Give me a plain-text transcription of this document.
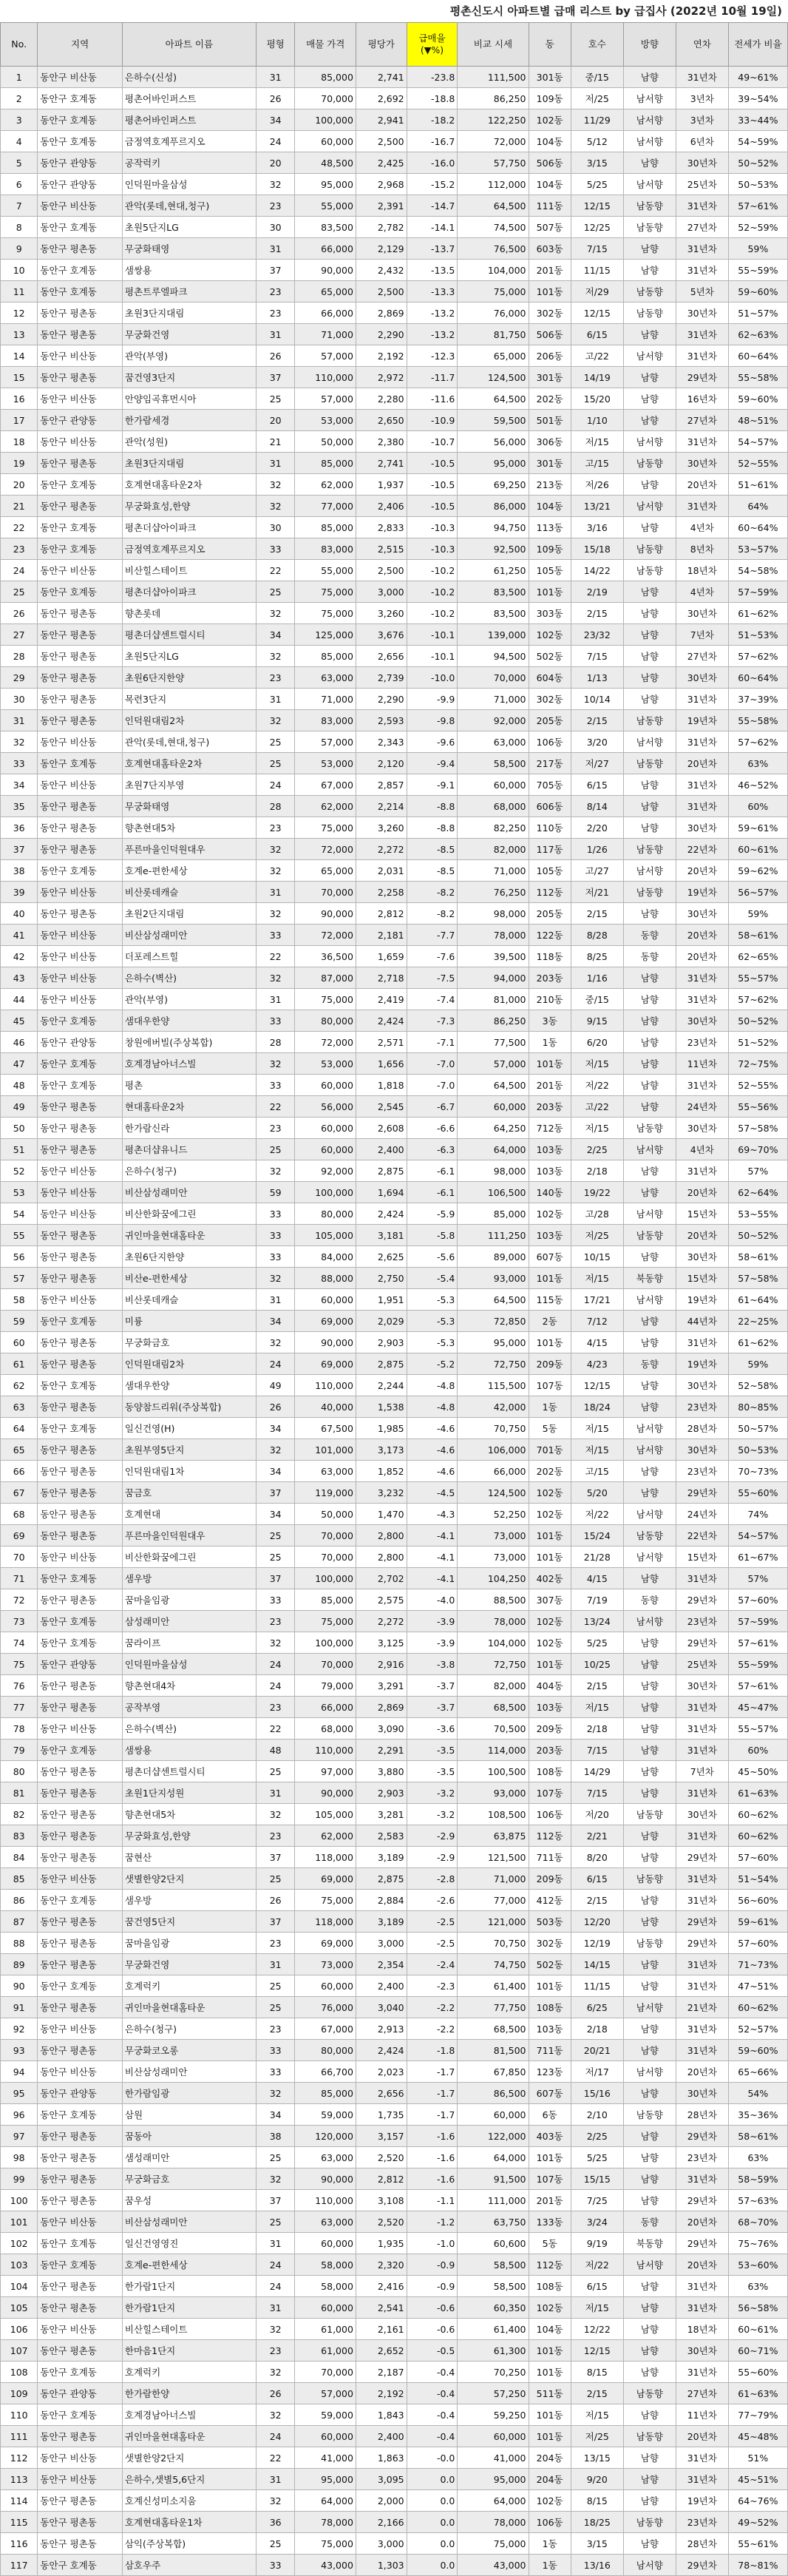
평촌신도시 아파트별 급매 리스트 by 급집사 (2022년 10월 19일)
No.	지역	아파트 이름	평형	매물 가격	평당가	급매율 (▼%)	비교 시세	동	호수	방향	연차	전세가 비율
1	동안구 비산동	은하수(신성)	31	85,000	2,741	-23.8	111,500	301동	중/15	남향	31년차	49~61%
2	동안구 호계동	평촌어바인퍼스트	26	70,000	2,692	-18.8	86,250	109동	저/25	남서향	3년차	39~54%
3	동안구 호계동	평촌어바인퍼스트	34	100,000	2,941	-18.2	122,250	102동	11/29	남서향	3년차	33~44%
4	동안구 호계동	금정역호계푸르지오	24	60,000	2,500	-16.7	72,000	104동	5/12	남서향	6년차	54~59%
5	동안구 관양동	공작럭키	20	48,500	2,425	-16.0	57,750	506동	3/15	남향	30년차	50~52%
6	동안구 관양동	인덕원마을삼성	32	95,000	2,968	-15.2	112,000	104동	5/25	남서향	25년차	50~53%
7	동안구 비산동	관악(롯데,현대,청구)	23	55,000	2,391	-14.7	64,500	111동	12/15	남동향	31년차	57~61%
8	동안구 호계동	초원5단지LG	30	83,500	2,782	-14.1	74,500	507동	12/25	남동향	27년차	52~59%
9	동안구 평촌동	무궁화태영	31	66,000	2,129	-13.7	76,500	603동	7/15	남향	31년차	59%
10	동안구 호계동	샘쌍용	37	90,000	2,432	-13.5	104,000	201동	11/15	남향	31년차	55~59%
11	동안구 호계동	평촌트루엘파크	23	65,000	2,500	-13.3	75,000	101동	저/29	남동향	5년차	59~60%
12	동안구 평촌동	초원3단지대림	23	66,000	2,869	-13.2	76,000	302동	12/15	남동향	30년차	51~57%
13	동안구 평촌동	무궁화건영	31	71,000	2,290	-13.2	81,750	506동	6/15	남향	31년차	62~63%
14	동안구 비산동	관악(부영)	26	57,000	2,192	-12.3	65,000	206동	고/22	남서향	31년차	60~64%
15	동안구 평촌동	꿈건영3단지	37	110,000	2,972	-11.7	124,500	301동	14/19	남향	29년차	55~58%
16	동안구 비산동	안양임곡휴먼시아	25	57,000	2,280	-11.6	64,500	202동	15/20	남향	16년차	59~60%
17	동안구 관양동	한가람세경	20	53,000	2,650	-10.9	59,500	501동	1/10	남향	27년차	48~51%
18	동안구 비산동	관악(성원)	21	50,000	2,380	-10.7	56,000	306동	저/15	남서향	31년차	54~57%
19	동안구 평촌동	초원3단지대림	31	85,000	2,741	-10.5	95,000	301동	고/15	남동향	30년차	52~55%
20	동안구 호계동	호계현대홈타운2차	32	62,000	1,937	-10.5	69,250	213동	저/26	남향	20년차	51~61%
21	동안구 평촌동	무궁화효성,한양	32	77,000	2,406	-10.5	86,000	104동	13/21	남서향	31년차	64%
22	동안구 호계동	평촌더샵아이파크	30	85,000	2,833	-10.3	94,750	113동	3/16	남향	4년차	60~64%
23	동안구 호계동	금정역호계푸르지오	33	83,000	2,515	-10.3	92,500	109동	15/18	남동향	8년차	53~57%
24	동안구 비산동	비산힐스테이트	22	55,000	2,500	-10.2	61,250	105동	14/22	남동향	18년차	54~58%
25	동안구 호계동	평촌더샵아이파크	25	75,000	3,000	-10.2	83,500	101동	2/19	남향	4년차	57~59%
26	동안구 평촌동	향촌롯데	32	75,000	3,260	-10.2	83,500	303동	2/15	남향	30년차	61~62%
27	동안구 평촌동	평촌더샵센트럴시티	34	125,000	3,676	-10.1	139,000	102동	23/32	남향	7년차	51~53%
28	동안구 평촌동	초원5단지LG	32	85,000	2,656	-10.1	94,500	502동	7/15	남향	27년차	57~62%
29	동안구 평촌동	초원6단지한양	23	63,000	2,739	-10.0	70,000	604동	1/13	남향	30년차	60~64%
30	동안구 평촌동	목련3단지	31	71,000	2,290	-9.9	71,000	302동	10/14	남향	31년차	37~39%
31	동안구 평촌동	인덕원대림2차	32	83,000	2,593	-9.8	92,000	205동	2/15	남동향	19년차	55~58%
32	동안구 비산동	관악(롯데,현대,청구)	25	57,000	2,343	-9.6	63,000	106동	3/20	남서향	31년차	57~62%
33	동안구 호계동	호계현대홈타운2차	25	53,000	2,120	-9.4	58,500	217동	저/27	남동향	20년차	63%
34	동안구 비산동	초원7단지부영	24	67,000	2,857	-9.1	60,000	705동	6/15	남향	31년차	46~52%
35	동안구 평촌동	무궁화태영	28	62,000	2,214	-8.8	68,000	606동	8/14	남향	31년차	60%
36	동안구 평촌동	향촌현대5차	23	75,000	3,260	-8.8	82,250	110동	2/20	남향	30년차	59~61%
37	동안구 평촌동	푸른마을인덕원대우	32	72,000	2,272	-8.5	82,000	117동	1/26	남동향	22년차	60~61%
38	동안구 호계동	호계e-편한세상	32	65,000	2,031	-8.5	71,000	105동	고/27	남서향	20년차	59~62%
39	동안구 비산동	비산롯데캐슬	31	70,000	2,258	-8.2	76,250	112동	저/21	남동향	19년차	56~57%
40	동안구 평촌동	초원2단지대림	32	90,000	2,812	-8.2	98,000	205동	2/15	남향	30년차	59%
41	동안구 비산동	비산삼성래미안	33	72,000	2,181	-7.7	78,000	122동	8/28	동향	20년차	58~61%
42	동안구 비산동	더포레스트힐	22	36,500	1,659	-7.6	39,500	118동	8/25	동향	20년차	62~65%
43	동안구 비산동	은하수(벽산)	32	87,000	2,718	-7.5	94,000	203동	1/16	남향	31년차	55~57%
44	동안구 비산동	관악(부영)	31	75,000	2,419	-7.4	81,000	210동	중/15	남향	31년차	57~62%
45	동안구 호계동	샘대우한양	33	80,000	2,424	-7.3	86,250	3동	9/15	남향	30년차	50~52%
46	동안구 관양동	창원에버빌(주상복합)	28	72,000	2,571	-7.1	77,500	1동	6/20	남향	23년차	51~52%
47	동안구 호계동	호계경남아너스빌	32	53,000	1,656	-7.0	57,000	101동	저/15	남향	11년차	72~75%
48	동안구 호계동	평촌	33	60,000	1,818	-7.0	64,500	201동	저/22	남향	31년차	52~55%
49	동안구 평촌동	현대홈타운2차	22	56,000	2,545	-6.7	60,000	203동	고/22	남향	24년차	55~56%
50	동안구 평촌동	한가람신라	23	60,000	2,608	-6.6	64,250	712동	저/15	남동향	30년차	57~58%
51	동안구 평촌동	평촌더샵유니드	25	60,000	2,400	-6.3	64,000	103동	2/25	남서향	4년차	69~70%
52	동안구 비산동	은하수(청구)	32	92,000	2,875	-6.1	98,000	103동	2/18	남향	31년차	57%
53	동안구 비산동	비산삼성래미안	59	100,000	1,694	-6.1	106,500	140동	19/22	남향	20년차	62~64%
54	동안구 비산동	비산한화꿈에그린	33	80,000	2,424	-5.9	85,000	102동	고/28	남서향	15년차	53~55%
55	동안구 평촌동	귀인마을현대홈타운	33	105,000	3,181	-5.8	111,250	103동	저/25	남동향	20년차	50~52%
56	동안구 평촌동	초원6단지한양	33	84,000	2,625	-5.6	89,000	607동	10/15	남향	30년차	58~61%
57	동안구 평촌동	비산e-편한세상	32	88,000	2,750	-5.4	93,000	101동	저/15	북동향	15년차	57~58%
58	동안구 비산동	비산롯데캐슬	31	60,000	1,951	-5.3	64,500	115동	17/21	남서향	19년차	61~64%
59	동안구 호계동	미륭	34	69,000	2,029	-5.3	72,850	2동	7/12	남향	44년차	22~25%
60	동안구 평촌동	무궁화금호	32	90,000	2,903	-5.3	95,000	101동	4/15	남향	31년차	61~62%
61	동안구 평촌동	인덕원대림2차	24	69,000	2,875	-5.2	72,750	209동	4/23	동향	19년차	59%
62	동안구 호계동	샘대우한양	49	110,000	2,244	-4.8	115,500	107동	12/15	남향	30년차	52~58%
63	동안구 평촌동	동양참드리워(주상복합)	26	40,000	1,538	-4.8	42,000	1동	18/24	남향	23년차	80~85%
64	동안구 호계동	일신건영(H)	34	67,500	1,985	-4.6	70,750	5동	저/15	남서향	28년차	50~57%
65	동안구 평촌동	초원부영5단지	32	101,000	3,173	-4.6	106,000	701동	저/15	남서향	30년차	50~53%
66	동안구 평촌동	인덕원대림1차	34	63,000	1,852	-4.6	66,000	202동	고/15	남향	23년차	70~73%
67	동안구 평촌동	꿈금호	37	119,000	3,232	-4.5	124,500	102동	5/20	남향	29년차	55~60%
68	동안구 평촌동	호계현대	34	50,000	1,470	-4.3	52,250	102동	저/22	남서향	24년차	74%
69	동안구 평촌동	푸른마을인덕원대우	25	70,000	2,800	-4.1	73,000	101동	15/24	남동향	22년차	54~57%
70	동안구 비산동	비산한화꿈에그린	25	70,000	2,800	-4.1	73,000	101동	21/28	남서향	15년차	61~67%
71	동안구 호계동	샘우방	37	100,000	2,702	-4.1	104,250	402동	4/15	남향	31년차	57%
72	동안구 평촌동	꿈마을임광	33	85,000	2,575	-4.0	88,500	307동	7/19	동향	29년차	57~60%
73	동안구 호계동	삼성래미안	23	75,000	2,272	-3.9	78,000	102동	13/24	남서향	23년차	57~59%
74	동안구 호계동	꿈라이프	32	100,000	3,125	-3.9	104,000	102동	5/25	남향	29년차	57~61%
75	동안구 관양동	인덕원마을삼성	24	70,000	2,916	-3.8	72,750	101동	10/25	남향	25년차	55~59%
76	동안구 평촌동	향촌현대4차	24	79,000	3,291	-3.7	82,000	404동	2/15	남향	30년차	57~61%
77	동안구 평촌동	공작부영	23	66,000	2,869	-3.7	68,500	103동	저/15	남향	31년차	45~47%
78	동안구 비산동	은하수(벽산)	22	68,000	3,090	-3.6	70,500	209동	2/18	남향	31년차	55~57%
79	동안구 호계동	샘쌍용	48	110,000	2,291	-3.5	114,000	203동	7/15	남향	31년차	60%
80	동안구 평촌동	평촌더샵센트럴시티	25	97,000	3,880	-3.5	100,500	108동	14/29	남향	7년차	45~50%
81	동안구 평촌동	초원1단지성원	31	90,000	2,903	-3.2	93,000	107동	7/15	남향	31년차	61~63%
82	동안구 평촌동	향촌현대5차	32	105,000	3,281	-3.2	108,500	106동	저/20	남동향	30년차	60~62%
83	동안구 평촌동	무궁화효성,한양	23	62,000	2,583	-2.9	63,875	112동	2/21	남향	31년차	60~62%
84	동안구 평촌동	꿈현산	37	118,000	3,189	-2.9	121,500	711동	8/20	남향	29년차	57~60%
85	동안구 비산동	샛별한양2단지	25	69,000	2,875	-2.8	71,000	209동	6/15	남동향	31년차	51~54%
86	동안구 호계동	샘우방	26	75,000	2,884	-2.6	77,000	412동	2/15	남향	31년차	56~60%
87	동안구 평촌동	꿈건영5단지	37	118,000	3,189	-2.5	121,000	503동	12/20	남향	29년차	59~61%
88	동안구 평촌동	꿈마을임광	23	69,000	3,000	-2.5	70,750	302동	12/19	남동향	29년차	57~60%
89	동안구 평촌동	무궁화건영	31	73,000	2,354	-2.4	74,750	502동	14/15	남향	31년차	71~73%
90	동안구 호계동	호계럭키	25	60,000	2,400	-2.3	61,400	101동	11/15	남향	31년차	47~51%
91	동안구 평촌동	귀인마을현대홈타운	25	76,000	3,040	-2.2	77,750	108동	6/25	남서향	21년차	60~62%
92	동안구 비산동	은하수(청구)	23	67,000	2,913	-2.2	68,500	103동	2/18	남향	31년차	52~57%
93	동안구 평촌동	무궁화코오롱	33	80,000	2,424	-1.8	81,500	711동	20/21	남향	31년차	59~60%
94	동안구 비산동	비산삼성래미안	33	66,700	2,023	-1.7	67,850	123동	저/17	남서향	20년차	65~66%
95	동안구 관양동	한가람임광	32	85,000	2,656	-1.7	86,500	607동	15/16	남향	30년차	54%
96	동안구 호계동	삼원	34	59,000	1,735	-1.7	60,000	6동	2/10	남동향	28년차	35~36%
97	동안구 평촌동	꿈동아	38	120,000	3,157	-1.6	122,000	403동	2/25	남향	29년차	58~61%
98	동안구 평촌동	샘성래미안	25	63,000	2,520	-1.6	64,000	101동	5/25	남향	23년차	63%
99	동안구 평촌동	무궁화금호	32	90,000	2,812	-1.6	91,500	107동	15/15	남향	31년차	58~59%
100	동안구 평촌동	꿈우성	37	110,000	3,108	-1.1	111,000	201동	7/25	남향	29년차	57~63%
101	동안구 비산동	비산삼성래미안	25	63,000	2,520	-1.2	63,750	133동	3/24	동향	20년차	68~70%
102	동안구 호계동	일신건영영진	31	60,000	1,935	-1.0	60,600	5동	9/19	북동향	29년차	75~76%
103	동안구 호계동	호계e-편한세상	24	58,000	2,320	-0.9	58,500	112동	저/22	남서향	20년차	53~60%
104	동안구 평촌동	한가람1단지	24	58,000	2,416	-0.9	58,500	108동	6/15	남향	31년차	63%
105	동안구 평촌동	한가람1단지	31	60,000	2,541	-0.6	60,350	102동	저/15	남향	31년차	56~58%
106	동안구 비산동	비산힐스테이트	32	61,000	2,161	-0.6	61,400	104동	12/22	남향	18년차	60~61%
107	동안구 평촌동	한마음1단지	23	61,000	2,652	-0.5	61,300	101동	12/15	남향	30년차	60~71%
108	동안구 호계동	호계럭키	32	70,000	2,187	-0.4	70,250	101동	8/15	남향	31년차	55~60%
109	동안구 관양동	한가람한양	26	57,000	2,192	-0.4	57,250	511동	2/15	남동향	27년차	61~63%
110	동안구 호계동	호계경남아너스빌	32	59,000	1,843	-0.4	59,250	101동	저/15	남향	11년차	77~79%
111	동안구 평촌동	귀인마을현대홈타운	24	60,000	2,400	-0.4	60,000	101동	저/25	남동향	20년차	45~48%
112	동안구 비산동	샛별한양2단지	22	41,000	1,863	-0.0	41,000	204동	13/15	남향	31년차	51%
113	동안구 비산동	은하수,샛별5,6단지	31	95,000	3,095	0.0	95,000	204동	9/20	남향	31년차	45~51%
114	동안구 평촌동	호계신성미소지움	32	64,000	2,000	0.0	64,000	102동	8/15	남향	19년차	64~76%
115	동안구 평촌동	호계현대홈타운1차	36	78,000	2,166	0.0	78,000	106동	18/25	남동향	23년차	49~52%
116	동안구 평촌동	삼익(주상복합)	25	75,000	3,000	0.0	75,000	1동	3/15	남향	28년차	55~61%
117	동안구 호계동	삼호우주	33	43,000	1,303	0.0	43,000	1동	13/16	남서향	29년차	78~81%
